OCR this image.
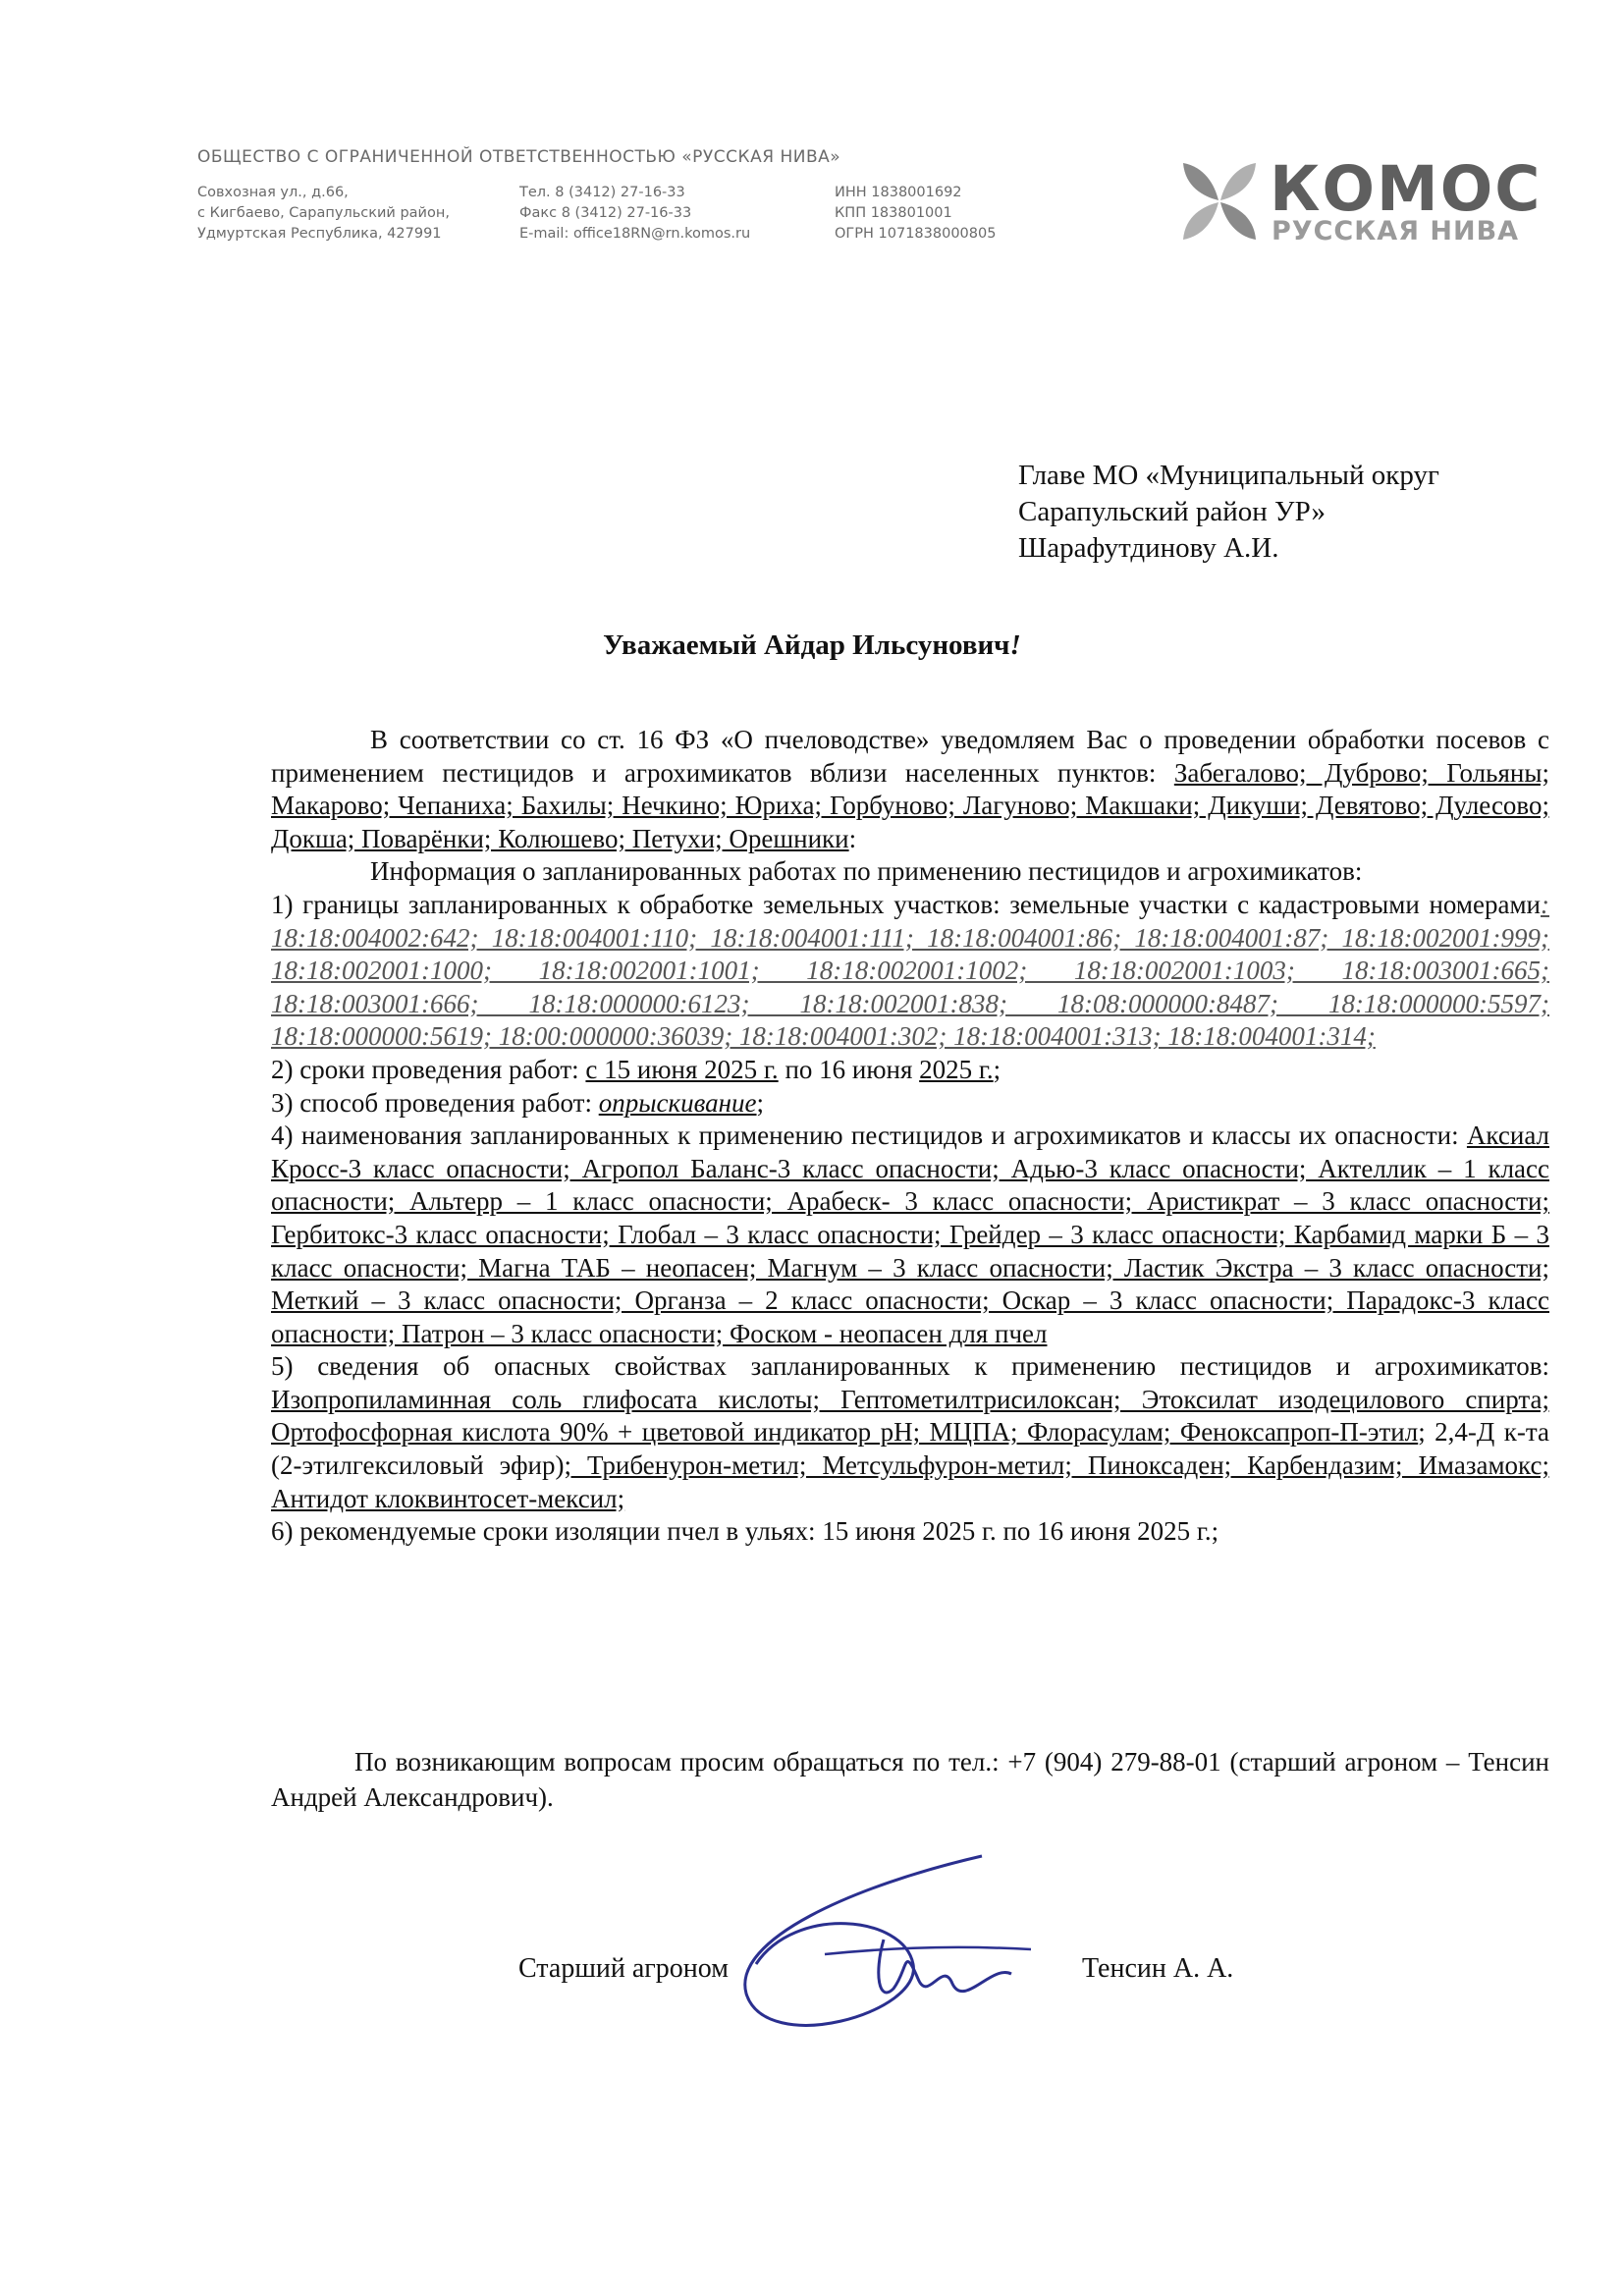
ОБЩЕСТВО С ОГРАНИЧЕННОЙ ОТВЕТСТВЕННОСТЬЮ «РУССКАЯ НИВА»
Совхозная ул., д.66,
с Кигбаево, Сарапульский район,
Удмуртская Республика, 427991
Тел. 8 (3412) 27-16-33
Факс 8 (3412) 27-16-33
E-mail: office18RN@rn.komos.ru
ИНН 1838001692
КПП 183801001
ОГРН 1071838000805
КОМОС
РУССКАЯ НИВА
Главе МО «Муниципальный округ
Сарапульский район УР»
Шарафутдинову А.И.
Уважаемый Айдар Ильсунович!

В соответствии со ст. 16 ФЗ «О пчеловодстве» уведомляем Вас о проведении обработки посевов с применением пестицидов и агрохимикатов вблизи населенных пунктов: Забегалово; Дуброво; Гольяны; Макарово; Чепаниха; Бахилы; Нечкино; Юриха; Горбуново; Лагуново; Макшаки; Дикуши; Девятово; Дулесово; Докша; Поварёнки; Колюшево; Петухи; Орешники:

Информация о запланированных работах по применению пестицидов и агрохимикатов:

1) границы запланированных к обработке земельных участков: земельные участки с кадастровыми номерами: 18:18:004002:642; 18:18:004001:110; 18:18:004001:111; 18:18:004001:86; 18:18:004001:87; 18:18:002001:999; 18:18:002001:1000; 18:18:002001:1001; 18:18:002001:1002; 18:18:002001:1003; 18:18:003001:665; 18:18:003001:666; 18:18:000000:6123; 18:18:002001:838; 18:08:000000:8487; 18:18:000000:5597; 18:18:000000:5619; 18:00:000000:36039; 18:18:004001:302; 18:18:004001:313; 18:18:004001:314;

2) сроки проведения работ: с 15 июня 2025 г. по 16 июня 2025 г.;

3) способ проведения работ: опрыскивание;

4) наименования запланированных к применению пестицидов и агрохимикатов и классы их опасности: Аксиал Кросс-3 класс опасности; Агропол Баланс-3 класс опасности; Адью-3 класс опасности; Актеллик – 1 класс опасности; Альтерр – 1 класс опасности; Арабеск- 3 класс опасности; Аристикрат – 3 класс опасности; Гербитокс-3 класс опасности; Глобал – 3 класс опасности; Грейдер – 3 класс опасности; Карбамид марки Б – 3 класс опасности; Магна ТАБ – неопасен; Магнум – 3 класс опасности; Ластик Экстра – 3 класс опасности; Меткий – 3 класс опасности; Органза – 2 класс опасности; Оскар – 3 класс опасности; Парадокс-3 класс опасности; Патрон – 3 класс опасности; Фоском - неопасен для пчел

5) сведения об опасных свойствах запланированных к применению пестицидов и агрохимикатов: Изопропиламинная соль глифосата кислоты; Гептометилтрисилоксан; Этоксилат изодецилового спирта; Ортофосфорная кислота 90% + цветовой индикатор pH; МЦПА; Флорасулам; Феноксапроп-П-этил; 2,4-Д к-та (2-этилгексиловый эфир); Трибенурон-метил; Метсульфурон-метил; Пиноксаден; Карбендазим; Имазамокс; Антидот клоквинтосет-мексил;

6) рекомендуемые сроки изоляции пчел в ульях: 15 июня 2025 г. по 16 июня 2025 г.;

По возникающим вопросам просим обращаться по тел.: +7 (904) 279-88-01 (старший агроном – Тенсин Андрей Александрович).
Старший агроном	Тенсин А. А.
